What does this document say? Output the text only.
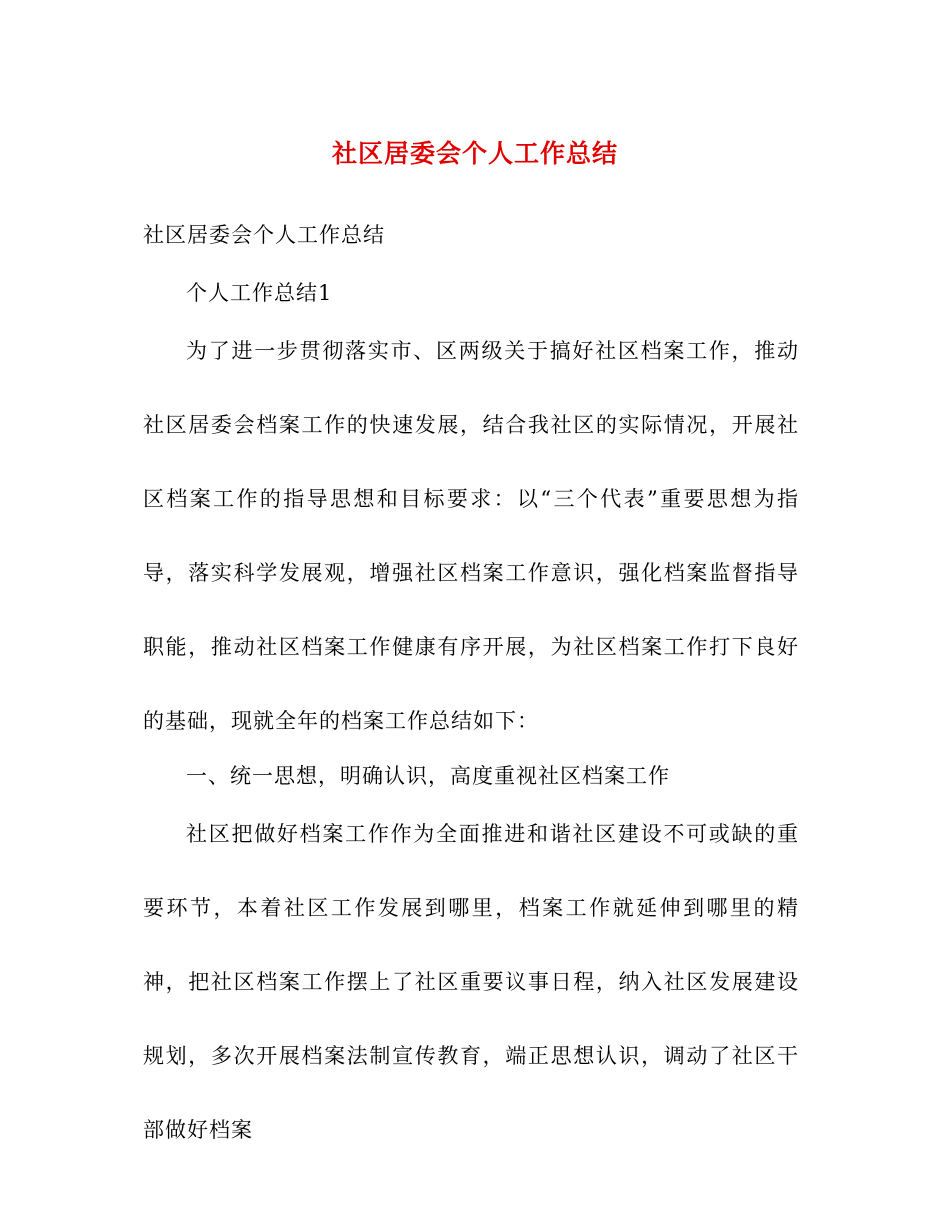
社区居委会个人工作总结

社区居委会个人工作总结

个人工作总结1

为了进一步贯彻落实市、区两级关于搞好社区档案工作，推动社区居委会档案工作的快速发展，结合我社区的实际情况，开展社区档案工作的指导思想和目标要求：以“三个代表”重要思想为指导，落实科学发展观，增强社区档案工作意识，强化档案监督指导职能，推动社区档案工作健康有序开展，为社区档案工作打下良好的基础，现就全年的档案工作总结如下：

一、统一思想，明确认识，高度重视社区档案工作

社区把做好档案工作作为全面推进和谐社区建设不可或缺的重要环节，本着社区工作发展到哪里，档案工作就延伸到哪里的精神，把社区档案工作摆上了社区重要议事日程，纳入社区发展建设规划，多次开展档案法制宣传教育，端正思想认识，调动了社区干部做好档案
